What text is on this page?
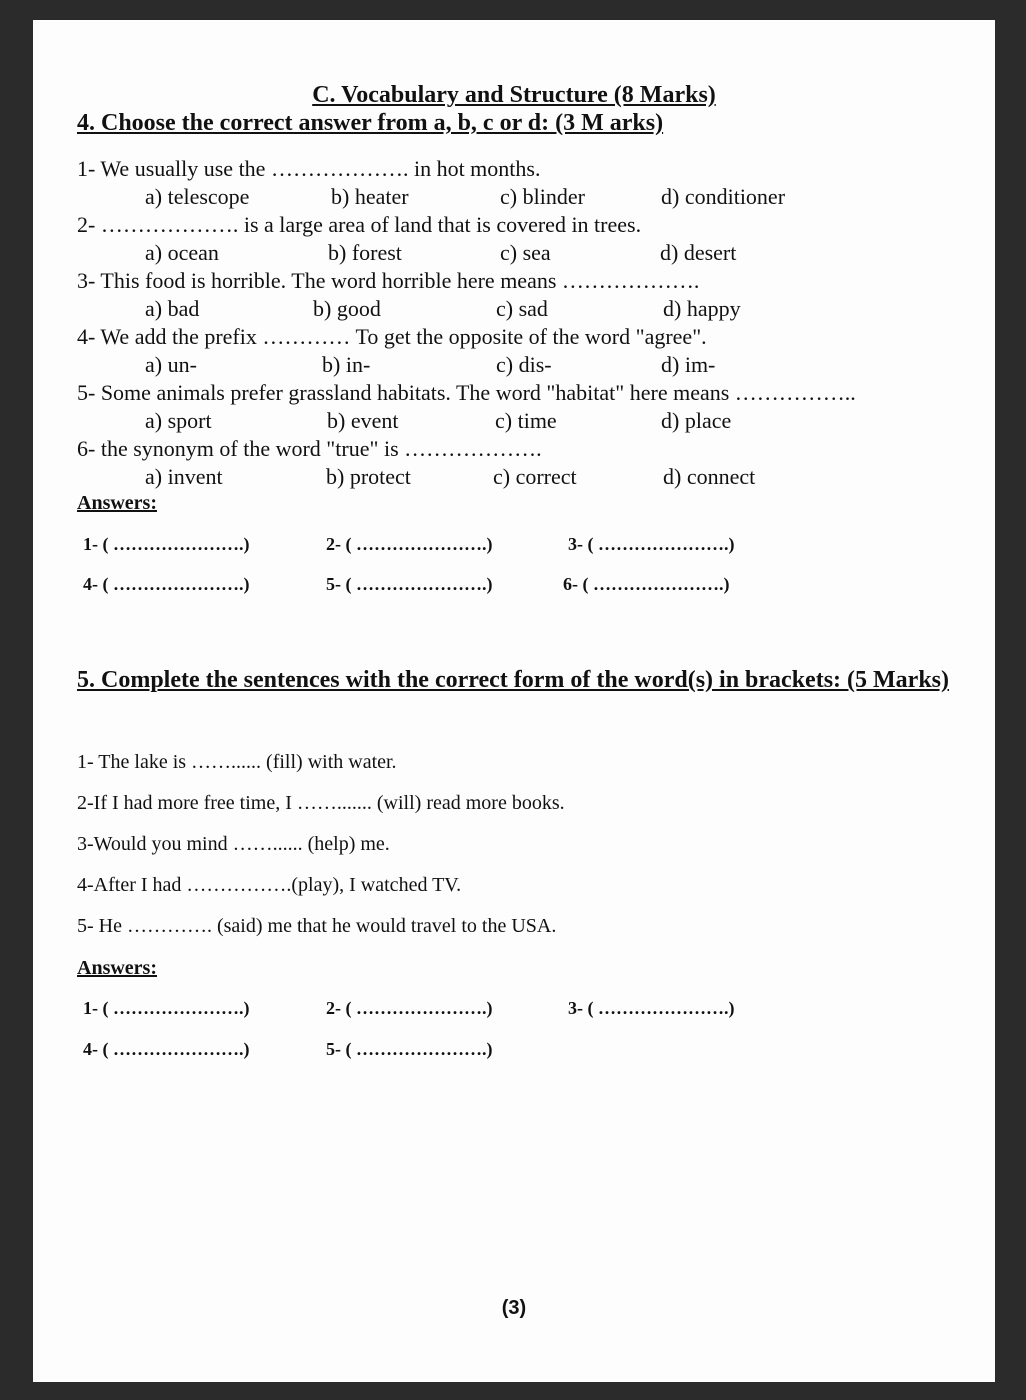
C. Vocabulary and Structure (8 Marks)
4. Choose the correct answer from a, b, c or d: (3 M arks)
1- We usually use the ………………. in hot months.
a) telescope	b) heater	c) blinder	d) conditioner
2- ………………. is a large area of land that is covered in trees.
a) ocean	b) forest	c) sea	d) desert
3- This food is horrible. The word horrible here means ……………….
a) bad	b) good	c) sad	d) happy
4- We add the prefix ………… To get the opposite of the word "agree".
a) un-	b) in-	c) dis-	d) im-
5- Some animals prefer grassland habitats. The word "habitat" here means ……………..
a) sport	b) event	c) time	d) place
6- the synonym of the word "true" is ……………….
a) invent	b) protect	c) correct	d) connect
Answers:
1- ( ………………….)	2- ( ………………….)	3- ( ………………….)
4- ( ………………….)	5- ( ………………….)	6- ( ………………….)
5. Complete the sentences with the correct form of the word(s) in brackets: (5 Marks)
1- The lake is ……...... (fill) with water.
2-If I had more free time, I ……....... (will) read more books.
3-Would you mind ……...... (help) me.
4-After I had …………….(play), I watched TV.
5- He …………. (said) me that he would travel to the USA.
Answers:
1- ( ………………….)	2- ( ………………….)	3- ( ………………….)
4- ( ………………….)	5- ( ………………….)
(3)
